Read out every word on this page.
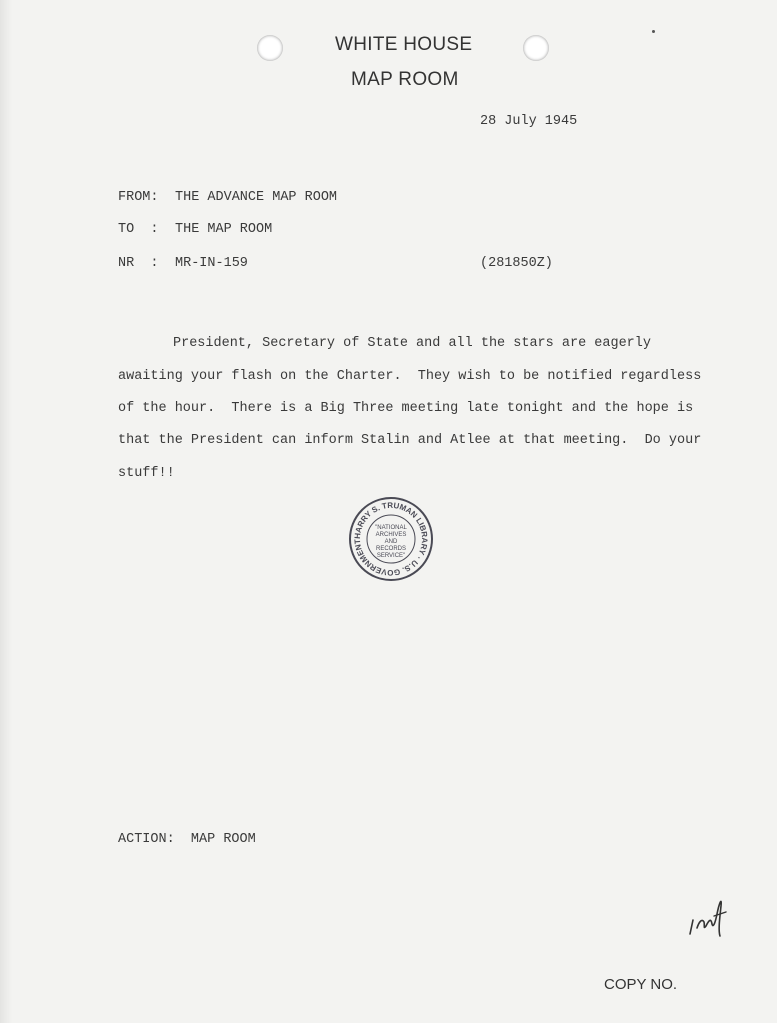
WHITE HOUSE
MAP ROOM
28 July 1945
FROM: THE ADVANCE MAP ROOM
TO  : THE MAP ROOM
NR  : MR-IN-159	(281850Z)
President, Secretary of State and all the stars are eagerly
awaiting your flash on the Charter.  They wish to be notified regardless
of the hour.  There is a Big Three meeting late tonight and the hope is
that the President can inform Stalin and Atlee at that meeting.  Do your
stuff!!
HARRY S. TRUMAN LIBRARY · U.S. GOVERNMENT
"NATIONAL ARCHIVES AND RECORDS SERVICE"
ACTION:  MAP ROOM
COPY NO.
